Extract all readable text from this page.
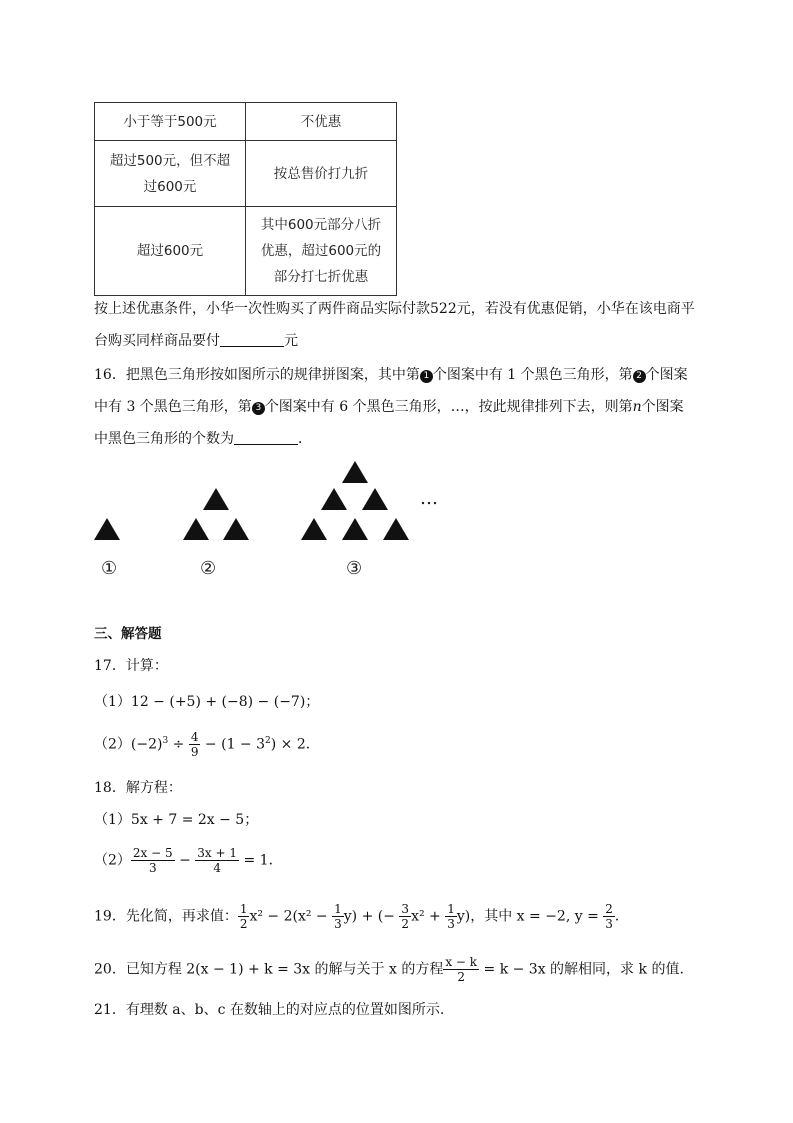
小于等于500元	不优惠
超过500元，但不超
过600元	按总售价打九折
超过600元	其中600元部分八折
优惠，超过600元的
部分打七折优惠
按上述优惠条件，小华一次性购买了两件商品实际付款522元，若没有优惠促销，小华在该电商平
台购买同样商品要付	元
16．把黑色三角形按如图所示的规律拼图案，其中第 1 个图案中有 1 个黑色三角形，第 2 个图案
中有 3 个黑色三角形，第 3 个图案中有 6 个黑色三角形，…，按此规律排列下去，则第n个图案
中黑色三角形的个数为	．
…
①	②	③
三、解答题
17．计算：
（1）12 − (+5) + (−8) − (−7)；
$(2)(-2)^3 \div \frac{4}{9} - (1 - 3^2) \times 2$．
18．解方程：
（1）5x + 7 = 2x − 5；
$(2) \frac{2x - 5}{3} - \frac{3x + 1}{4} = 1$．
19．先化简，再求值： $\frac{1}{2} x^2 - 2(x^2 - \frac{1}{3} y)$ + (− $\frac{3}{2} x^2 + \frac{1}{3} y$)，其中 x = −2, $y = \frac{2}{3}$ ．
20．已知方程 2(x − 1) + k = 3x 的解与关于 x 的方程 $\frac{x - k}{2} = k - 3x$ 的解相同，求 k 的值.
21．有理数 a、b、c 在数轴上的对应点的位置如图所示.
